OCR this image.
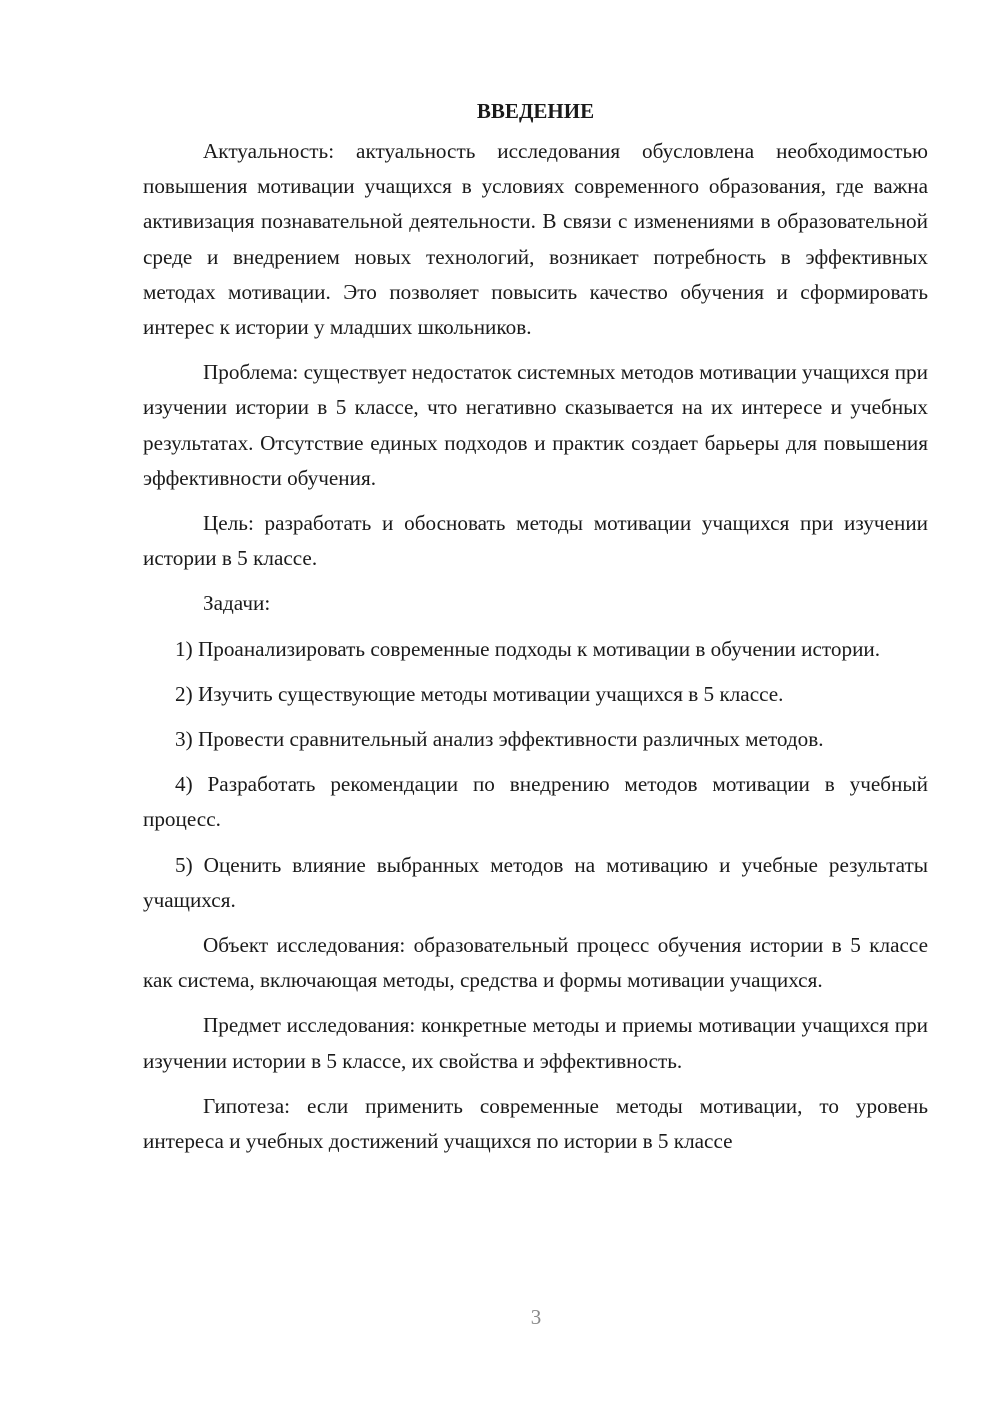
ВВЕДЕНИЕ

Актуальность: актуальность исследования обусловлена необходимостью повышения мотивации учащихся в условиях современного образования, где важна активизация познавательной деятельности. В связи с изменениями в образовательной среде и внедрением новых технологий, возникает потребность в эффективных методах мотивации. Это позволяет повысить качество обучения и сформировать интерес к истории у младших школьников.

Проблема: существует недостаток системных методов мотивации учащихся при изучении истории в 5 классе, что негативно сказывается на их интересе и учебных результатах. Отсутствие единых подходов и практик создает барьеры для повышения эффективности обучения.

Цель: разработать и обосновать методы мотивации учащихся при изучении истории в 5 классе.

Задачи:

1) Проанализировать современные подходы к мотивации в обучении истории.

2) Изучить существующие методы мотивации учащихся в 5 классе.

3) Провести сравнительный анализ эффективности различных методов.

4) Разработать рекомендации по внедрению методов мотивации в учебный процесс.

5) Оценить влияние выбранных методов на мотивацию и учебные результаты учащихся.

Объект исследования: образовательный процесс обучения истории в 5 классе как система, включающая методы, средства и формы мотивации учащихся.

Предмет исследования: конкретные методы и приемы мотивации учащихся при изучении истории в 5 классе, их свойства и эффективность.

Гипотеза: если применить современные методы мотивации, то уровень интереса и учебных достижений учащихся по истории в 5 классе

3
